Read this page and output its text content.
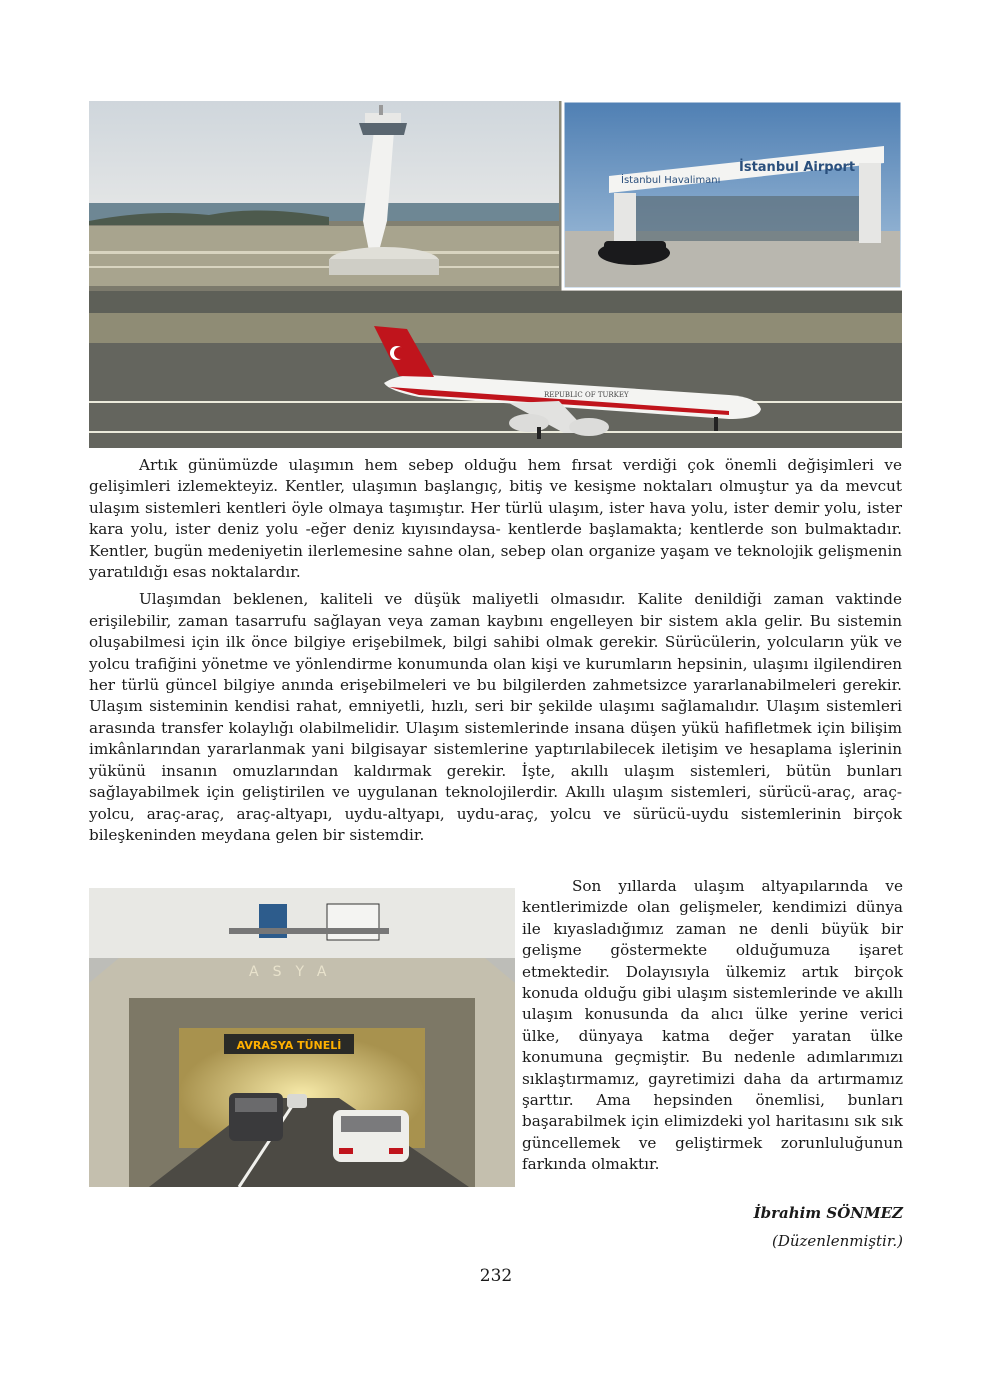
İstanbul Havalimanı
İstanbul Airport
REPUBLIC OF TURKEY

Artık günümüzde ulaşımın hem sebep olduğu hem fırsat verdiği çok önemli değişimleri ve gelişimleri izlemekteyiz. Kentler, ulaşımın başlangıç, bitiş ve kesişme noktaları olmuştur ya da mevcut ulaşım sistemleri kentleri öyle olmaya taşımıştır. Her türlü ulaşım, ister hava yolu, ister demir yolu, ister kara yolu, ister deniz yolu -eğer deniz kıyısındaysa- kentlerde başlamakta; kentlerde son bulmaktadır. Kentler, bugün medeniyetin ilerlemesine sahne olan, sebep olan organize yaşam ve teknolojik gelişmenin yaratıldığı esas noktalardır.

Ulaşımdan beklenen, kaliteli ve düşük maliyetli olmasıdır. Kalite denildiği zaman vaktinde erişilebilir, zaman tasarrufu sağlayan veya zaman kaybını engelleyen bir sistem akla gelir. Bu sistemin oluşabilmesi için ilk önce bilgiye erişebilmek, bilgi sahibi olmak gerekir. Sürücülerin, yolcuların yük ve yolcu trafiğini yönetme ve yönlendirme konumunda olan kişi ve kurumların hepsinin, ulaşımı ilgilendiren her türlü güncel bilgiye anında erişebilmeleri ve bu bilgilerden zahmetsizce yararlanabilmeleri gerekir. Ulaşım sisteminin kendisi rahat, emniyetli, hızlı, seri bir şekilde ulaşımı sağlamalıdır. Ulaşım sistemleri arasında transfer kolaylığı olabilmelidir. Ulaşım sistemlerinde insana düşen yükü hafifletmek için bilişim imkânlarından yararlanmak yani bilgisayar sistemlerine yaptırılabilecek iletişim ve hesaplama işlerinin yükünü insanın omuzlarından kaldırmak gerekir. İşte, akıllı ulaşım sistemleri, bütün bunları sağlayabilmek için geliştirilen ve uygulanan teknolojilerdir. Akıllı ulaşım sistemleri, sürücü-araç, araç-yolcu, araç-araç, araç-altyapı, uydu-altyapı, uydu-araç, yolcu ve sürücü-uydu sistemlerinin birçok bileşkeninden meydana gelen bir sistemdir.

ASYA
AVRASYA TÜNELİ

Son yıllarda ulaşım altyapılarında ve kentlerimizde olan gelişmeler, kendimizi dünya ile kıyasladığımız zaman ne denli büyük bir gelişme göstermekte olduğumuza işaret etmektedir. Dolayısıyla ülkemiz artık birçok konuda olduğu gibi ulaşım sistemlerinde ve akıllı ulaşım konusunda da alıcı ülke yerine verici ülke, dünyaya katma değer yaratan ülke konumuna geçmiştir. Bu nedenle adımlarımızı sıklaştırmamız, gayretimizi daha da artırmamız şarttır. Ama hepsinden önemlisi, bunları başarabilmek için elimizdeki yol haritasını sık sık güncellemek ve geliştirmek zorunluluğunun farkında olmaktır.

İbrahim SÖNMEZ
(Düzenlenmiştir.)
232
